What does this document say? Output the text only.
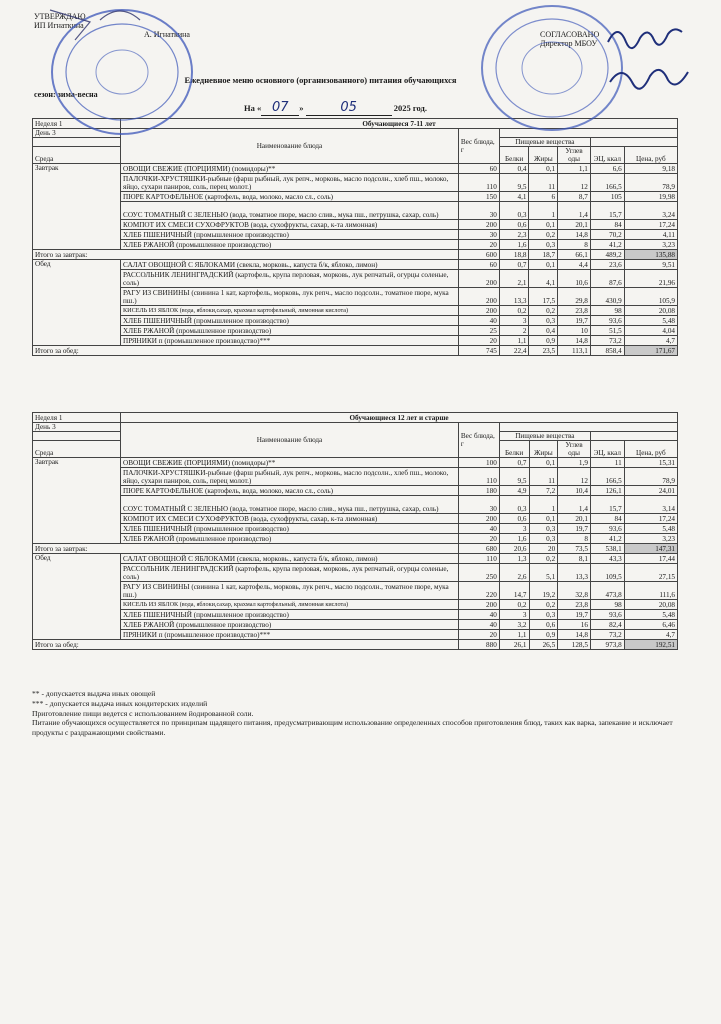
УТВЕРЖДАЮ
ИП Игнаткина
А. Игнаткина	СОГЛАСОВАНО
Директор МБОУ
Ежедневное меню основного (организованного) питания обучающихся
сезон: зима-весна
На « 07 »	05	2025 год.
Неделя 1	Обучающиеся 7-11 лет						
День 3	Наименование блюда	Вес блюда, г					
			Пищевые вещества				
Среда			Белки	Жиры	Углев оды	ЭЦ, ккал	Цена, руб
Завтрак	ОВОЩИ СВЕЖИЕ (ПОРЦИЯМИ) (помидоры)**	60	0,4	0,1	1,1	6,6	9,18
	ПАЛОЧКИ-ХРУСТЯШКИ-рыбные (фарш рыбный, лук репч., морковь, масло подсолн., хлеб пш., молоко, яйцо, сухари паниров, соль, перец молот.)	110	9,5	11	12	166,5	78,9
	ПЮРЕ КАРТОФЕЛЬНОЕ (картофель, вода, молоко, масло сл., соль)	150	4,1	6	8,7	105	19,98
	СОУС ТОМАТНЫЙ С ЗЕЛЕНЬЮ (вода, томатное пюре, масло слив., мука пш., петрушка, сахар, соль)	30	0,3	1	1,4	15,7	3,24
	КОМПОТ ИХ СМЕСИ СУХОФРУКТОВ (вода, сухофрукты, сахар, к-та лимонная)	200	0,6	0,1	20,1	84	17,24
	ХЛЕБ ПШЕНИЧНЫЙ (промышленное производство)	30	2,3	0,2	14,8	70,2	4,11
	ХЛЕБ РЖАНОЙ (промышленное производство)	20	1,6	0,3	8	41,2	3,23
Итого за завтрак:		600	18,8	18,7	66,1	489,2	135,88
Обед	САЛАТ ОВОЩНОЙ С ЯБЛОКАМИ (свекла, морковь., капуста б/к, яблоко, лимон)	60	0,7	0,1	4,4	23,6	9,51
	РАССОЛЬНИК ЛЕНИНГРАДСКИЙ (картофель, крупа перловая, морковь, лук репчатый, огурцы соленые, соль)	200	2,1	4,1	10,6	87,6	21,96
	РАГУ ИЗ СВИНИНЫ (свинина 1 кат, картофель, морковь, лук репч., масло подсолн., томатное пюре, мука пш.)	200	13,3	17,5	29,8	430,9	105,9
	КИСЕЛЬ ИЗ ЯБЛОК (вода, яблоки,сахар, крахмал картофельный, лимонная кислота)	200	0,2	0,2	23,8	98	20,08
	ХЛЕБ ПШЕНИЧНЫЙ (промышленное производство)	40	3	0,3	19,7	93,6	5,48
	ХЛЕБ РЖАНОЙ (промышленное производство)	25	2	0,4	10	51,5	4,04
	ПРЯНИКИ п (промышленное производство)***	20	1,1	0,9	14,8	73,2	4,7
Итого за обед:		745	22,4	23,5	113,1	858,4	171,67
Неделя 1	Обучающиеся 12 лет и старше						
День 3	Наименование блюда	Вес блюда, г					
			Пищевые вещества				
Среда			Белки	Жиры	Углев оды	ЭЦ, ккал	Цена, руб
Завтрак	ОВОЩИ СВЕЖИЕ (ПОРЦИЯМИ) (помидоры)**	100	0,7	0,1	1,9	11	15,31
	ПАЛОЧКИ-ХРУСТЯШКИ-рыбные (фарш рыбный, лук репч., морковь, масло подсолн., хлеб пш., молоко, яйцо, сухари паниров, соль, перец молот.)	110	9,5	11	12	166,5	78,9
	ПЮРЕ КАРТОФЕЛЬНОЕ (картофель, вода, молоко, масло сл., соль)	180	4,9	7,2	10,4	126,1	24,01
	СОУС ТОМАТНЫЙ С ЗЕЛЕНЬЮ (вода, томатное пюре, масло слив., мука пш., петрушка, сахар, соль)	30	0,3	1	1,4	15,7	3,14
	КОМПОТ ИХ СМЕСИ СУХОФРУКТОВ (вода, сухофрукты, сахар, к-та лимонная)	200	0,6	0,1	20,1	84	17,24
	ХЛЕБ ПШЕНИЧНЫЙ (промышленное производство)	40	3	0,3	19,7	93,6	5,48
	ХЛЕБ РЖАНОЙ (промышленное производство)	20	1,6	0,3	8	41,2	3,23
Итого за завтрак:		680	20,6	20	73,5	538,1	147,31
Обед	САЛАТ ОВОЩНОЙ С ЯБЛОКАМИ (свекла, морковь., капуста б/к, яблоко, лимон)	110	1,3	0,2	8,1	43,3	17,44
	РАССОЛЬНИК ЛЕНИНГРАДСКИЙ (картофель, крупа перловая, морковь, лук репчатый, огурцы соленые, соль)	250	2,6	5,1	13,3	109,5	27,15
	РАГУ ИЗ СВИНИНЫ (свинина 1 кат, картофель, морковь, лук репч., масло подсолн., томатное пюре, мука пш.)	220	14,7	19,2	32,8	473,8	111,6
	КИСЕЛЬ ИЗ ЯБЛОК (вода, яблоки,сахар, крахмал картофельный, лимонная кислота)	200	0,2	0,2	23,8	98	20,08
	ХЛЕБ ПШЕНИЧНЫЙ (промышленное производство)	40	3	0,3	19,7	93,6	5,48
	ХЛЕБ РЖАНОЙ (промышленное производство)	40	3,2	0,6	16	82,4	6,46
	ПРЯНИКИ п (промышленное производство)***	20	1,1	0,9	14,8	73,2	4,7
Итого за обед:		880	26,1	26,5	128,5	973,8	192,51
** - допускается выдача иных овощей
*** - допускается выдача иных кондитерских изделий
Приготовление пищи ведется с использованием йодированной соли.
Питание обучающихся осуществляется по принципам щадящего питания, предусматривающим использование определенных способов приготовления блюд, таких как варка, запекание и исключает продукты с раздражающими свойствами.
